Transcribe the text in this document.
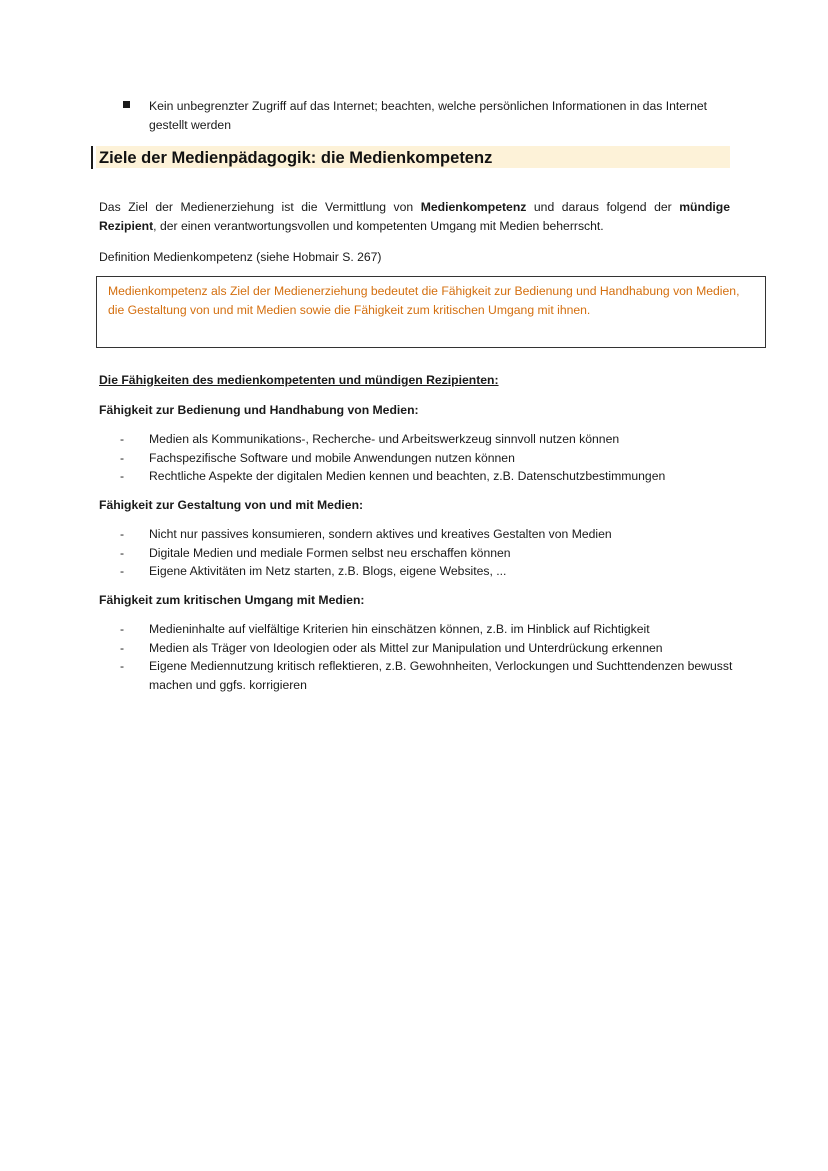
Kein unbegrenzter Zugriff auf das Internet; beachten, welche persönlichen Informationen in das Internet gestellt werden
Ziele der Medienpädagogik: die Medienkompetenz
Das Ziel der Medienerziehung ist die Vermittlung von Medienkompetenz und daraus folgend der mündige Rezipient, der einen verantwortungsvollen und kompetenten Umgang mit Medien beherrscht.
Definition Medienkompetenz (siehe Hobmair S. 267)
Medienkompetenz als Ziel der Medienerziehung bedeutet die Fähigkeit zur Bedienung und Handhabung von Medien, die Gestaltung von und mit Medien sowie die Fähigkeit zum kritischen Umgang mit ihnen.
Die Fähigkeiten des medienkompetenten und mündigen Rezipienten:
Fähigkeit zur Bedienung und Handhabung von Medien:
- Medien als Kommunikations-, Recherche- und Arbeitswerkzeug sinnvoll nutzen können
- Fachspezifische Software und mobile Anwendungen nutzen können
- Rechtliche Aspekte der digitalen Medien kennen und beachten, z.B. Datenschutzbestimmungen
Fähigkeit zur Gestaltung von und mit Medien:
- Nicht nur passives konsumieren, sondern aktives und kreatives Gestalten von Medien
- Digitale Medien und mediale Formen selbst neu erschaffen können
- Eigene Aktivitäten im Netz starten, z.B. Blogs, eigene Websites, ...
Fähigkeit zum kritischen Umgang mit Medien:
- Medieninhalte auf vielfältige Kriterien hin einschätzen können, z.B. im Hinblick auf Richtigkeit
- Medien als Träger von Ideologien oder als Mittel zur Manipulation und Unterdrückung erkennen
- Eigene Mediennutzung kritisch reflektieren, z.B. Gewohnheiten, Verlockungen und Suchttendenzen bewusst machen und ggfs. korrigieren
